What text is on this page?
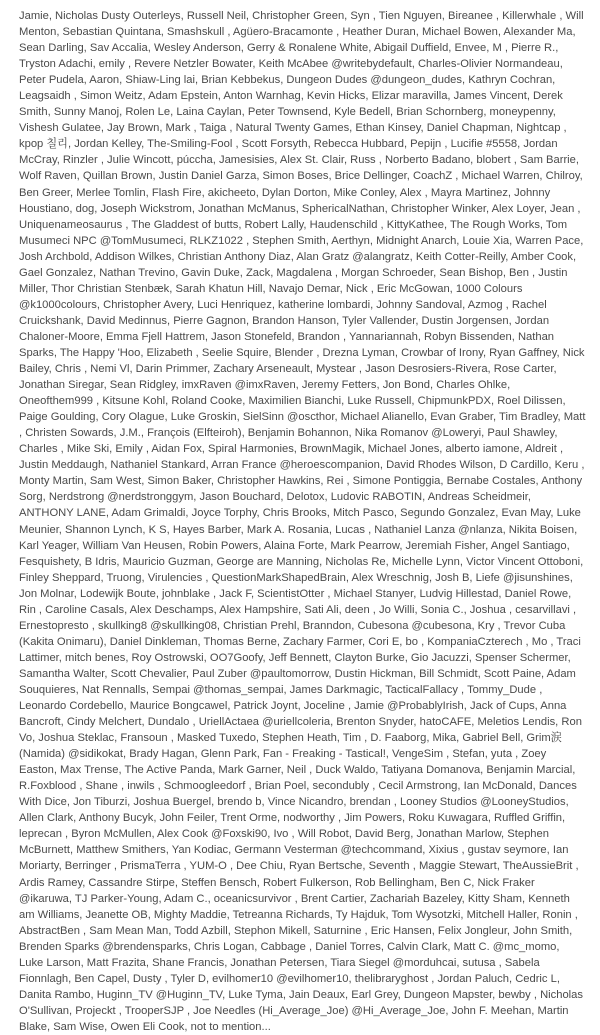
Jamie, Nicholas Dusty Outerleys, Russell Neil, Christopher Green, Syn , Tien Nguyen, Bireanee , Killerwhale , Will Menton, Sebastian Quintana, Smashskull , Agüero-Bracamonte , Heather Duran, Michael Bowen, Alexander Ma, Sean Darling, Sav Accalia, Wesley Anderson, Gerry & Ronalene White, Abigail Duffield, Envee, M , Pierre R., Tryston Adachi, emily , Revere Netzler Bowater, Keith McAbee @writebydefault, Charles-Olivier Normandeau, Peter Pudela, Aaron, Shiaw-Ling lai, Brian Kebbekus, Dungeon Dudes @dungeon_dudes, Kathryn Cochran, Leagsaidh , Simon Weitz, Adam Epstein, Anton Warnhag, Kevin Hicks, Elizar maravilla, James Vincent, Derek Smith, Sunny Manoj, Rolen Le, Laina Caylan, Peter Townsend, Kyle Bedell, Brian Schornberg, moneypenny, Vishesh Gulatee, Jay Brown, Mark , Taiga , Natural Twenty Games, Ethan Kinsey, Daniel Chapman, Nightcap , kpop 칠리, Jordan Kelley, The-Smiling-Fool , Scott Forsyth, Rebecca Hubbard, Pepijn , Lucifie #5558, Jordan McCray, Rinzler , Julie Wincott, púcchа, Jamesisies, Alex St. Clair, Russ , Norberto Badano, blobert , Sam Barrie, Wolf Raven, Quillan Brown, Justin Daniel Garza, Simon Boses, Brice Dellinger, CoachZ , Michael Warren, Chilroy, Ben Greer, Merlee Tomlin, Flash Fire, akicheeto, Dylan Dorton, Mike Conley, Alex , Mayra Martinez, Johnny Houstiano, dog, Joseph Wickstrom, Jonathan McManus, SphericalNathan, Christopher Winker, Alex Loyer, Jean , Uniquenameosaurus , The Gladdest of butts, Robert Lally, Haudenschild , KittyKathee, The Rough Works, Tom Musumeci NPC @TomMusumeci, RLKZ1022 , Stephen Smith, Aerthyn, Midnight Anarch, Louie Xia, Warren Pace, Josh Archbold, Addison Wilkes, Christian Anthony Diaz, Alan Gratz @alangratz, Keith Cotter-Reilly, Amber Cook, Gael Gonzalez, Nathan Trevino, Gavin Duke, Zack, Magdalena , Morgan Schroeder, Sean Bishop, Ben , Justin Miller, Thor Christian Stenbæk, Sarah Khatun Hill, Navajo Demar, Nick , Eric McGowan, 1000 Colours @k1000colours, Christopher Avery, Luci Henriquez, katherine lombardi, Johnny Sandoval, Azmog , Rachel Cruickshank, David Medinnus, Pierre Gagnon, Brandon Hanson, Tyler Vallender, Dustin Jorgensen, Jordan Chaloner-Moore, Emma Fjell Hattrem, Jason Stonefeld, Brandon , Yannariannah, Robyn Bissenden, Nathan Sparks, The Happy 'Hoo, Elizabeth , Seelie Squire, Blender , Drezna Lyman, Crowbar of Irony, Ryan Gaffney, Nick Bailey, Chris , Nemi Vl, Darin Primmer, Zachary Arseneault, Mystear , Jason Desrosiers-Rivera, Rose Carter, Jonathan Siregar, Sean Ridgley, imxRaven @imxRaven, Jeremy Fetters, Jon Bond, Charles Ohlke, Oneofthem999 , Kitsune Kohl, Roland Cooke, Maximilien Bianchi, Luke Russell, ChipmunkPDX, Roel Dilissen, Paige Goulding, Cory Olague, Luke Groskin, SielSinn @oscthor, Michael Alianello, Evan Graber, Tim Bradley, Matt , Christen Sowards, J.M., François (Elfteiroh), Benjamin Bohannon, Nika Romanov @Loweryi, Paul Shawley, Charles , Mike Ski, Emily , Aidan Fox, Spiral Harmonies, BrownMagik, Michael Jones, alberto iamone, Aldreit , Justin Meddaugh, Nathaniel Stankard, Arran France @heroescompanion, David Rhodes Wilson, D Cardillo, Keru , Monty Martin, Sam West, Simon Baker, Christopher Hawkins, Rei , Simone Pontiggia, Bernabe Costales, Anthony Sorg, Nerdstrong @nerdstronggym, Jason Bouchard, Delotox, Ludovic RABOTIN, Andreas Scheidmeir, ANTHONY LANE, Adam Grimaldi, Joyce Torphy, Chris Brooks, Mitch Pasco, Segundo Gonzalez, Evan May, Luke Meunier, Shannon Lynch, K S, Hayes Barber, Mark A. Rosania, Lucas , Nathaniel Lanza @nlanza, Nikita Boisen, Karl Yeager, William Van Heusen, Robin Powers, Alaina Forte, Mark Pearrow, Jeremiah Fisher, Angel Santiago, Fesquishety, B Idris, Mauricio Guzman, George are Manning, Nicholas Re, Michelle Lynn, Victor Vincent Ottoboni, Finley Sheppard, Truong, Virulencies , QuestionMarkShapedBrain, Alex Wreschnig, Josh B, Liefe @jisunshines, Jon Molnar, Lodewijk Boute, johnblake , Jack F, ScientistOtter , Michael Stanyer, Ludvig Hillestad, Daniel Rowe, Rin , Caroline Casals, Alex Deschamps, Alex Hampshire, Sati Ali, deen , Jo Willi, Sonia C., Joshua , cesarvillavi , Ernestopresto , skullking8 @skullking08, Christian Prehl, Branndon, Cubesona @cubesona, Kry , Trevor Cuba (Kakita Onimaru), Daniel Dinkleman, Thomas Berne, Zachary Farmer, Cori E, bo , KompaniaCzterech , Mo , Traci Lattimer, mitch benes, Roy Ostrowski, OO7Goofy, Jeff Bennett, Clayton Burke, Gio Jacuzzi, Spenser Schermer, Samantha Walter, Scott Chevalier, Paul Zuber @paultomorrow, Dustin Hickman, Bill Schmidt, Scott Paine, Adam Souquieres, Nat Rennalls, Sempai @thomas_sempai, James Darkmagic, TacticalFallacy , Tommy_Dude , Leonardo Cordebello, Maurice Bongcawel, Patrick Joynt, Joceline , Jamie @ProbablyIrish, Jack of Cups, Anna Bancroft, Cindy Melchert, Dundalo , UriellActaea @uriellcoleria, Brenton Snyder, hatoCAFE, Meletios Lendis, Ron Vo, Joshua Steklac, Fransoun , Masked Tuxedo, Stephen Heath, Tim , D. Faaborg, Mika, Gabriel Bell, Grim涙 (Namida) @sidikokat, Brady Hagan, Glenn Park, Fan - Freaking - Tastical!, VengeSim , Stefan, yuta , Zoey Easton, Max Trense, The Active Panda, Mark Garner, Neil , Duck Waldo, Tatiyana Domanova, Benjamin Marcial, R.Foxblood , Shane , inwils , Schmoogleedorf , Brian Poel, secondubly , Cecil Armstrong, Ian McDonald, Dances With Dice, Jon Tiburzi, Joshua Buergel, brendo b, Vince Nicandro, brendan , Looney Studios @LooneyStudios, Allen Clark, Anthony Bucyk, John Feiler, Trent Orme, nodworthy , Jim Powers, Roku Kuwagara, Ruffled Griffin, leprecan , Byron McMullen, Alex Cook @Foxski90, Ivo , Will Robot, David Berg, Jonathan Marlow, Stephen McBurnett, Matthew Smithers, Yan Kodiac, Germann Vesterman @techcommand, Xixius , gustav seymore, Ian Moriarty, Berringer , PrismaTerra , YUM-O , Dee Chiu, Ryan Bertsche, Seventh , Maggie Stewart, TheAussieBrit , Ardis Ramey, Cassandre Stirpe, Steffen Bensch, Robert Fulkerson, Rob Bellingham, Ben C, Nick Fraker @ikaruwa, TJ Parker-Young, Adam C., oceanicsurvivor , Brent Cartier, Zachariah Bazeley, Kitty Sham, Kenneth am Williams, Jeanette OB, Mighty Maddie, Tetreanna Richards, Ty Hajduk, Tom Wysotzki, Mitchell Haller, Ronin , AbstractBen , Sam Mean Man, Todd Azbill, Stephon Mikell, Saturnine , Eric Hansen, Felix Jongleur, John Smith, Brenden Sparks @brendensparks, Chris Logan, Cabbage , Daniel Torres, Calvin Clark, Matt C. @mc_momo, Luke Larson, Matt Frazita, Shane Francis, Jonathan Petersen, Tiara Siegel @morduhcai, sutusa , Sabela Fionnlagh, Ben Capel, Dusty , Tyler D, evilhomer10 @evilhomer10, thelibraryghost , Jordan Paluch, Cedric L, Danita Rambo, Huginn_TV @Huginn_TV, Luke Tyma, Jain Deaux, Earl Grey, Dungeon Mapster, bewby , Nicholas O'Sullivan, Projeckt , TrooperSJP , Joe Needles (Hi_Average_Joe) @Hi_Average_Joe, John F. Meehan, Martin Blake, Sam Wise, Owen Eli Cook, not to mention...
